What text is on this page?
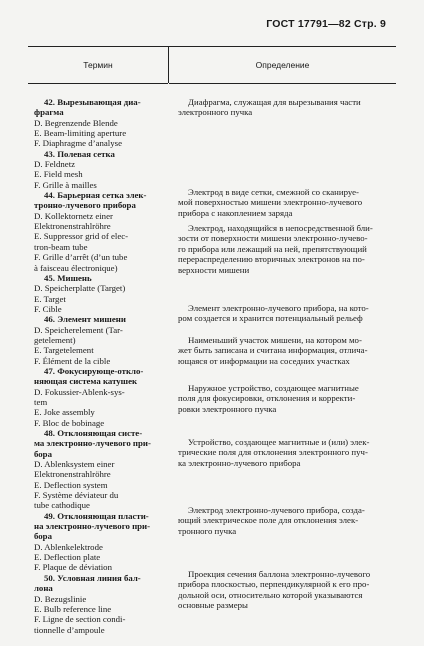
ГОСТ 17791—82 Стр. 9
Термин	Определение
42. Вырезывающая диа-
фрагма
D. Begrenzende Blende
E. Beam-limiting aperture
F. Diaphragme d’analyse
43. Полевая сетка
D. Feldnetz
E. Field mesh
F. Grille à mailles
44. Барьерная сетка элек-
тронно-лучевого прибора
D. Kollektornetz einer
Elektronenstrahlröhre
E. Suppressor grid of elec-
tron-beam tube
F. Grille d’arrêt (d’un tube
à faisceau électronique)
45. Мишень
D. Speicherplatte (Target)
E. Target
F. Cible
46. Элемент мишени
D. Speicherelement (Tar-
getelement)
E. Targetelement
F. Élément de la cible
47. Фокусирующе-откло-
няющая система катушек
D. Fokussier-Ablenk-sys-
tem
E. Joke assembly
F. Bloc de bobinage
48. Отклоняющая систе-
ма электронно-лучевого при-
бора
D. Ablenksystem einer
Elektronenstrahlröhre
E. Deflection system
F. Système déviateur du
tube cathodique
49. Отклоняющая пласти-
на электронно-лучевого при-
бора
D. Ablenkelektrode
E. Deflection plate
F. Plaque de déviation
50. Условная линия бал-
лона
D. Bezugslinie
E. Bulb reference line
F. Ligne de section condi-
tionnelle d’ampoule
Диафрагма, служащая для вырезывания части
электронного пучка
Электрод в виде сетки, смежной со сканируе-
мой поверхностью мишени электронно-лучевого
прибора с накоплением заряда
Электрод, находящийся в непосредственной бли-
зости от поверхности мишени электронно-лучево-
го прибора или лежащий на ней, препятствующий
перераспределению вторичных электронов на по-
верхности мишени
Элемент электронно-лучевого прибора, на кото-
ром создается и хранится потенциальный рельеф
Наименьший участок мишени, на котором мо-
жет быть записана и считана информация, отлича-
ющаяся от информации на соседних участках
Наружное устройство, создающее магнитные
поля для фокусировки, отклонения и корректи-
ровки электронного пучка
Устройство, создающее магнитные и (или) элек-
трические поля для отклонения электронного пуч-
ка электронно-лучевого прибора
Электрод электронно-лучевого прибора, созда-
ющий электрическое поле для отклонения элек-
тронного пучка
Проекция сечения баллона электронно-лучевого
прибора плоскостью, перпендикулярной к его про-
дольной оси, относительно которой указываются
основные размеры
